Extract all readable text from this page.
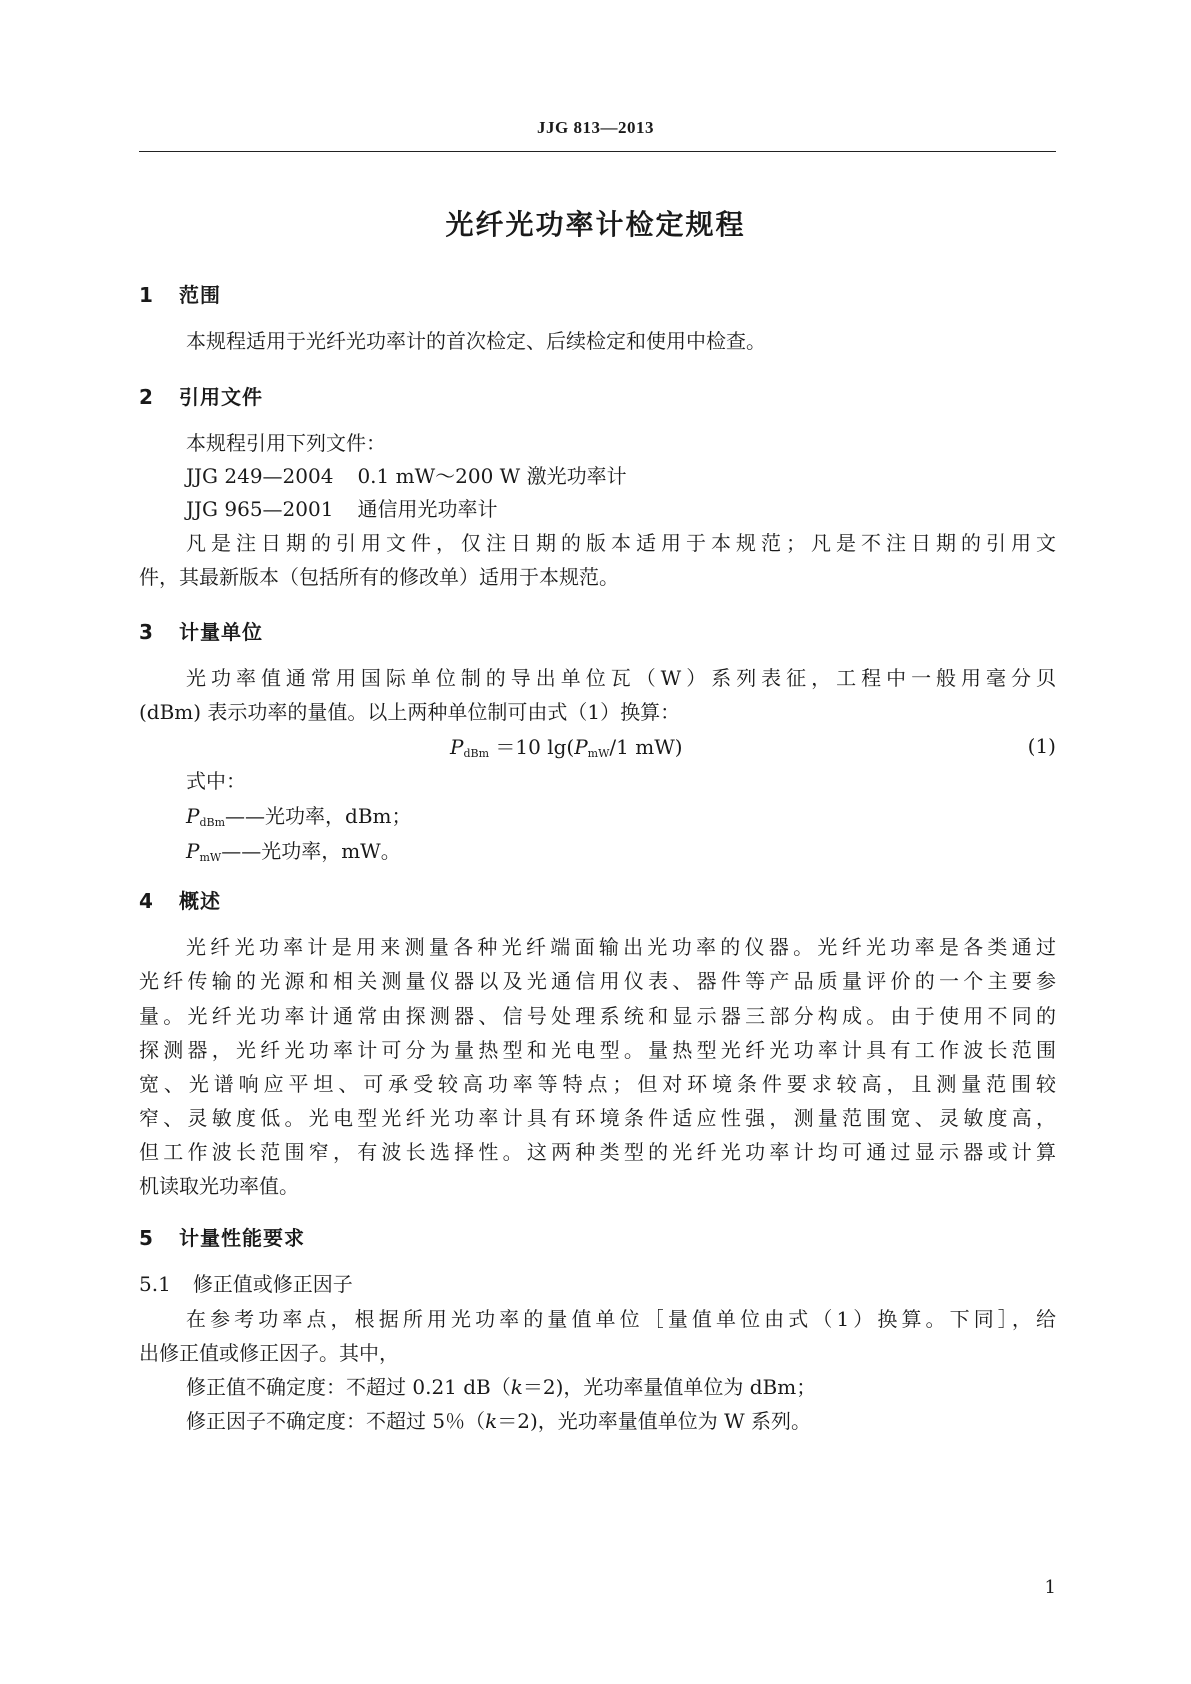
JJG 813—2013
光纤光功率计检定规程
1 范围
本规程适用于光纤光功率计的首次检定、后续检定和使用中检查。
2 引用文件
本规程引用下列文件：
JJG 249—2004 0.1 mW～200 W 激光功率计
JJG 965—2001 通信用光功率计
凡是注日期的引用文件，仅注日期的版本适用于本规范；凡是不注日期的引用文
件，其最新版本（包括所有的修改单）适用于本规范。
3 计量单位
光功率值通常用国际单位制的导出单位瓦（W）系列表征，工程中一般用毫分贝
(dBm) 表示功率的量值。以上两种单位制可由式（1）换算：
$P_{dBm} =10$ $\lg(P_{mW}/1$ mW)	(1)
式中：
$P_{dBm}——$光功率，dBm；
$P_{mW}——$光功率，mW。
4 概述
光纤光功率计是用来测量各种光纤端面输出光功率的仪器。光纤光功率是各类通过
光纤传输的光源和相关测量仪器以及光通信用仪表、器件等产品质量评价的一个主要参
量。光纤光功率计通常由探测器、信号处理系统和显示器三部分构成。由于使用不同的
探测器，光纤光功率计可分为量热型和光电型。量热型光纤光功率计具有工作波长范围
宽、光谱响应平坦、可承受较高功率等特点；但对环境条件要求较高，且测量范围较
窄、灵敏度低。光电型光纤光功率计具有环境条件适应性强，测量范围宽、灵敏度高，
但工作波长范围窄，有波长选择性。这两种类型的光纤光功率计均可通过显示器或计算
机读取光功率值。
5 计量性能要求
5.1 修正值或修正因子
在参考功率点，根据所用光功率的量值单位［量值单位由式（1）换算。下同］，给
出修正值或修正因子。其中，
修正值不确定度：不超过 0.21 dB（k＝2)，光功率量值单位为 dBm；
修正因子不确定度：不超过 5％（k＝2)，光功率量值单位为 W 系列。
1
